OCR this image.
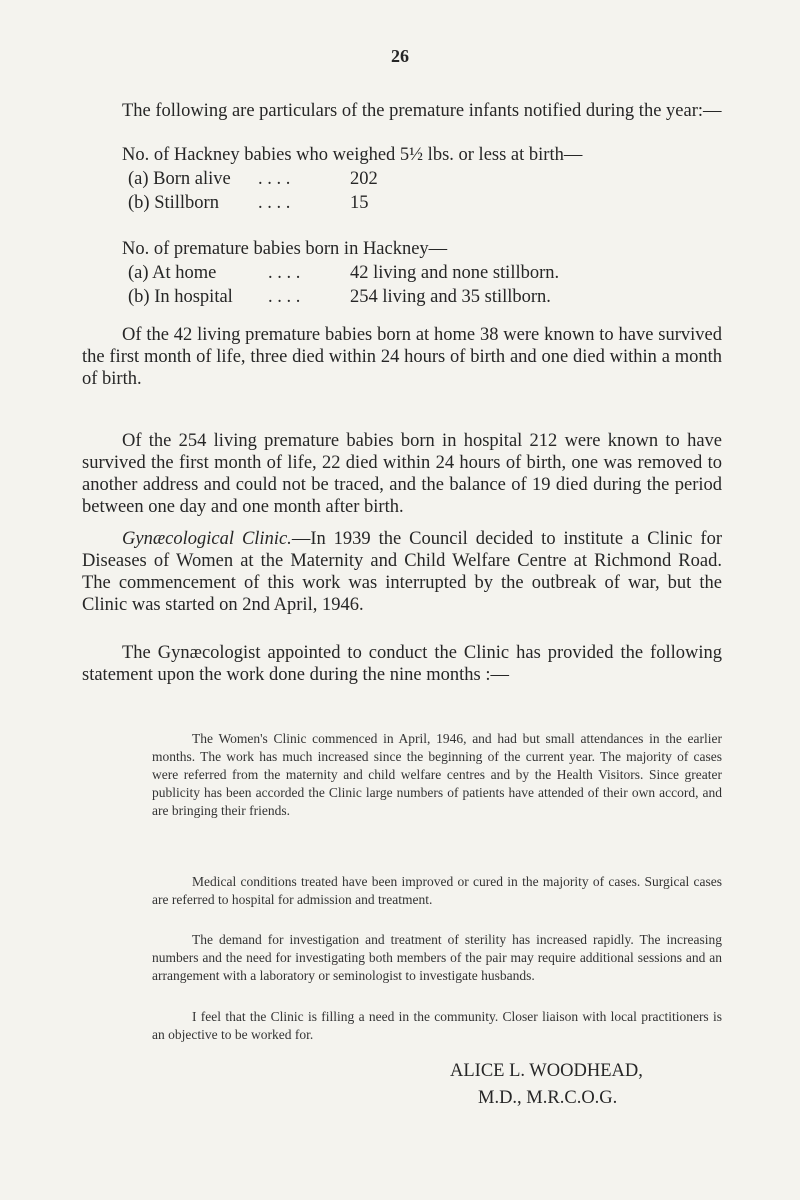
26

The following are particulars of the premature infants notified during the year:—

No. of Hackney babies who weighed 5½ lbs. or less at birth—
(a) Born alive . . . .	202
(b) Stillborn . . . .	15
No. of premature babies born in Hackney—
(a) At home	. . . .	42 living and none stillborn.
(b) In hospital . . . .	254 living and 35 stillborn.

Of the 42 living premature babies born at home 38 were known to have survived the first month of life, three died within 24 hours of birth and one died within a month of birth.

Of the 254 living premature babies born in hospital 212 were known to have survived the first month of life, 22 died within 24 hours of birth, one was removed to another address and could not be traced, and the balance of 19 died during the period between one day and one month after birth.

Gynæcological Clinic.—In 1939 the Council decided to institute a Clinic for Diseases of Women at the Maternity and Child Welfare Centre at Richmond Road. The commencement of this work was interrupted by the outbreak of war, but the Clinic was started on 2nd April, 1946.

The Gynæcologist appointed to conduct the Clinic has provided the following statement upon the work done during the nine months :—

The Women's Clinic commenced in April, 1946, and had but small attendances in the earlier months. The work has much increased since the beginning of the current year. The majority of cases were referred from the maternity and child welfare centres and by the Health Visitors. Since greater publicity has been accorded the Clinic large numbers of patients have attended of their own accord, and are bringing their friends.

Medical conditions treated have been improved or cured in the majority of cases. Surgical cases are referred to hospital for admission and treatment.

The demand for investigation and treatment of sterility has increased rapidly. The increasing numbers and the need for investigating both members of the pair may require additional sessions and an arrangement with a laboratory or seminologist to investigate husbands.

I feel that the Clinic is filling a need in the community. Closer liaison with local practitioners is an objective to be worked for.

ALICE L. WOODHEAD,
M.D., M.R.C.O.G.
